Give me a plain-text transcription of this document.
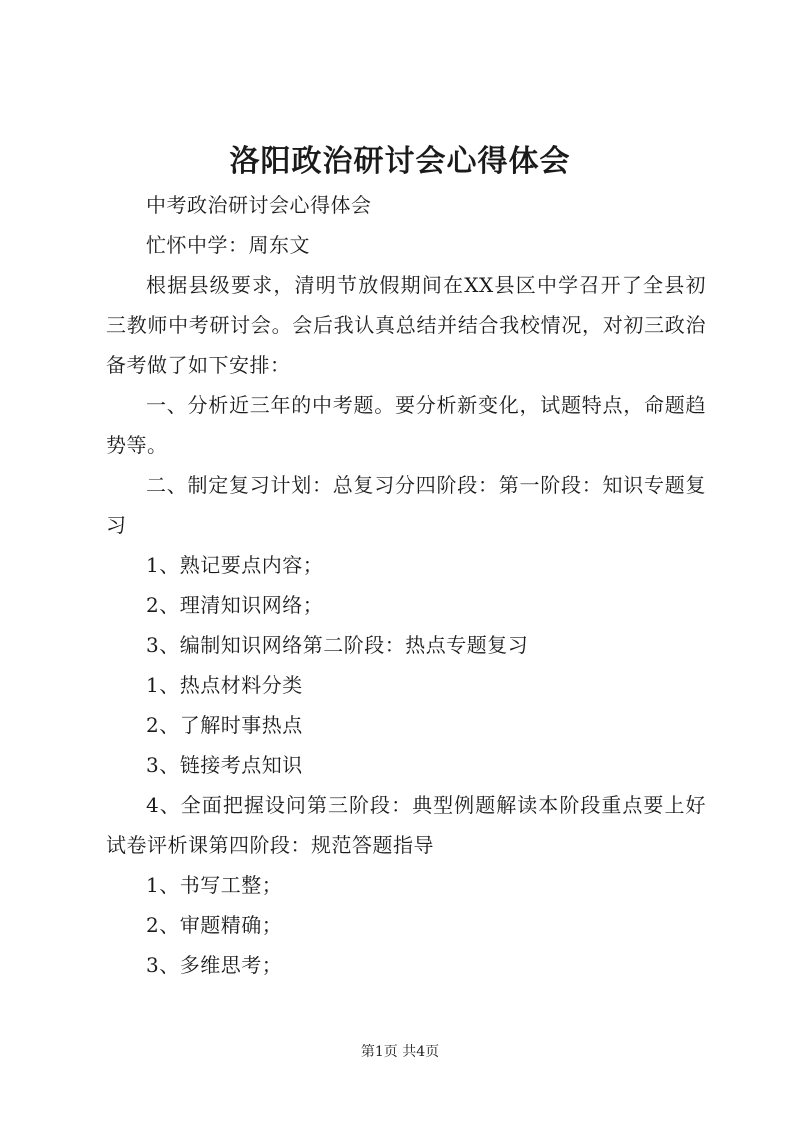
洛阳政治研讨会心得体会

中考政治研讨会心得体会

忙怀中学：周东文

根据县级要求，清明节放假期间在XX县区中学召开了全县初三教师中考研讨会。会后我认真总结并结合我校情况，对初三政治备考做了如下安排：

一、分析近三年的中考题。要分析新变化，试题特点，命题趋势等。

二、制定复习计划：总复习分四阶段：第一阶段：知识专题复习

1、熟记要点内容；

2、理清知识网络；

3、编制知识网络第二阶段：热点专题复习

1、热点材料分类

2、了解时事热点

3、链接考点知识

4、全面把握设问第三阶段：典型例题解读本阶段重点要上好试卷评析课第四阶段：规范答题指导

1、书写工整；

2、审题精确；

3、多维思考；

第1页 共4页
